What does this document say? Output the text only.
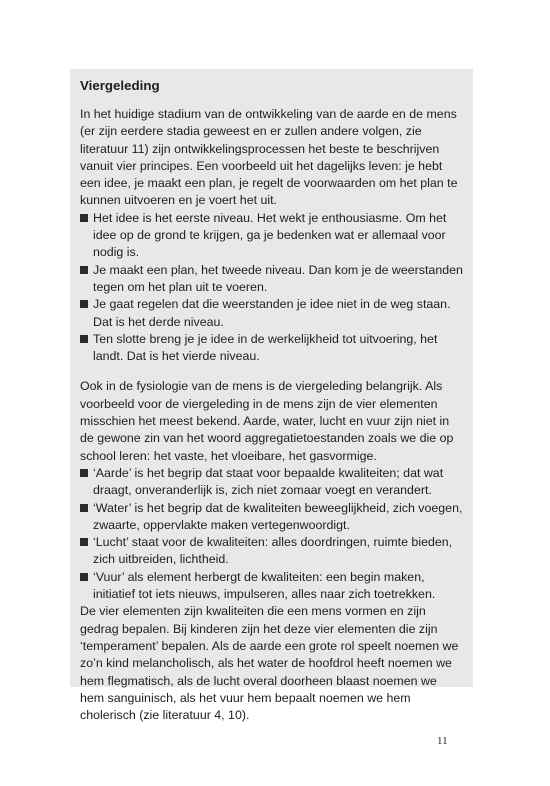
Viergeleding

In het huidige stadium van de ontwikkeling van de aarde en de mens (er zijn eerdere stadia geweest en er zullen andere volgen, zie literatuur 11) zijn ontwikkelingsprocessen het beste te beschrijven vanuit vier principes. Een voorbeeld uit het dagelijks leven: je hebt een idee, je maakt een plan, je regelt de voorwaarden om het plan te kunnen uitvoeren en je voert het uit.

Het idee is het eerste niveau. Het wekt je enthousiasme. Om het idee op de grond te krijgen, ga je bedenken wat er allemaal voor nodig is.
Je maakt een plan, het tweede niveau. Dan kom je de weerstanden tegen om het plan uit te voeren.
Je gaat regelen dat die weerstanden je idee niet in de weg staan. Dat is het derde niveau.
Ten slotte breng je je idee in de werkelijkheid tot uitvoering, het landt. Dat is het vierde niveau.

Ook in de fysiologie van de mens is de viergeleding belangrijk. Als voorbeeld voor de viergeleding in de mens zijn de vier elementen misschien het meest bekend. Aarde, water, lucht en vuur zijn niet in de gewone zin van het woord aggregatietoestanden zoals we die op school leren: het vaste, het vloeibare, het gasvormige.

‘Aarde’ is het begrip dat staat voor bepaalde kwaliteiten; dat wat draagt, onveranderlijk is, zich niet zomaar voegt en verandert.
‘Water’ is het begrip dat de kwaliteiten beweeglijkheid, zich voegen, zwaarte, oppervlakte maken vertegenwoordigt.
‘Lucht’ staat voor de kwaliteiten: alles doordringen, ruimte bieden, zich uitbreiden, lichtheid.
‘Vuur’ als element herbergt de kwaliteiten: een begin maken, initiatief tot iets nieuws, impulseren, alles naar zich toetrekken.

De vier elementen zijn kwaliteiten die een mens vormen en zijn gedrag bepalen. Bij kinderen zijn het deze vier elementen die zijn ‘temperament’ bepalen. Als de aarde een grote rol speelt noemen we zo’n kind melancholisch, als het water de hoofdrol heeft noemen we hem flegmatisch, als de lucht overal doorheen blaast noemen we hem sanguinisch, als het vuur hem bepaalt noemen we hem cholerisch (zie literatuur 4, 10).

11
